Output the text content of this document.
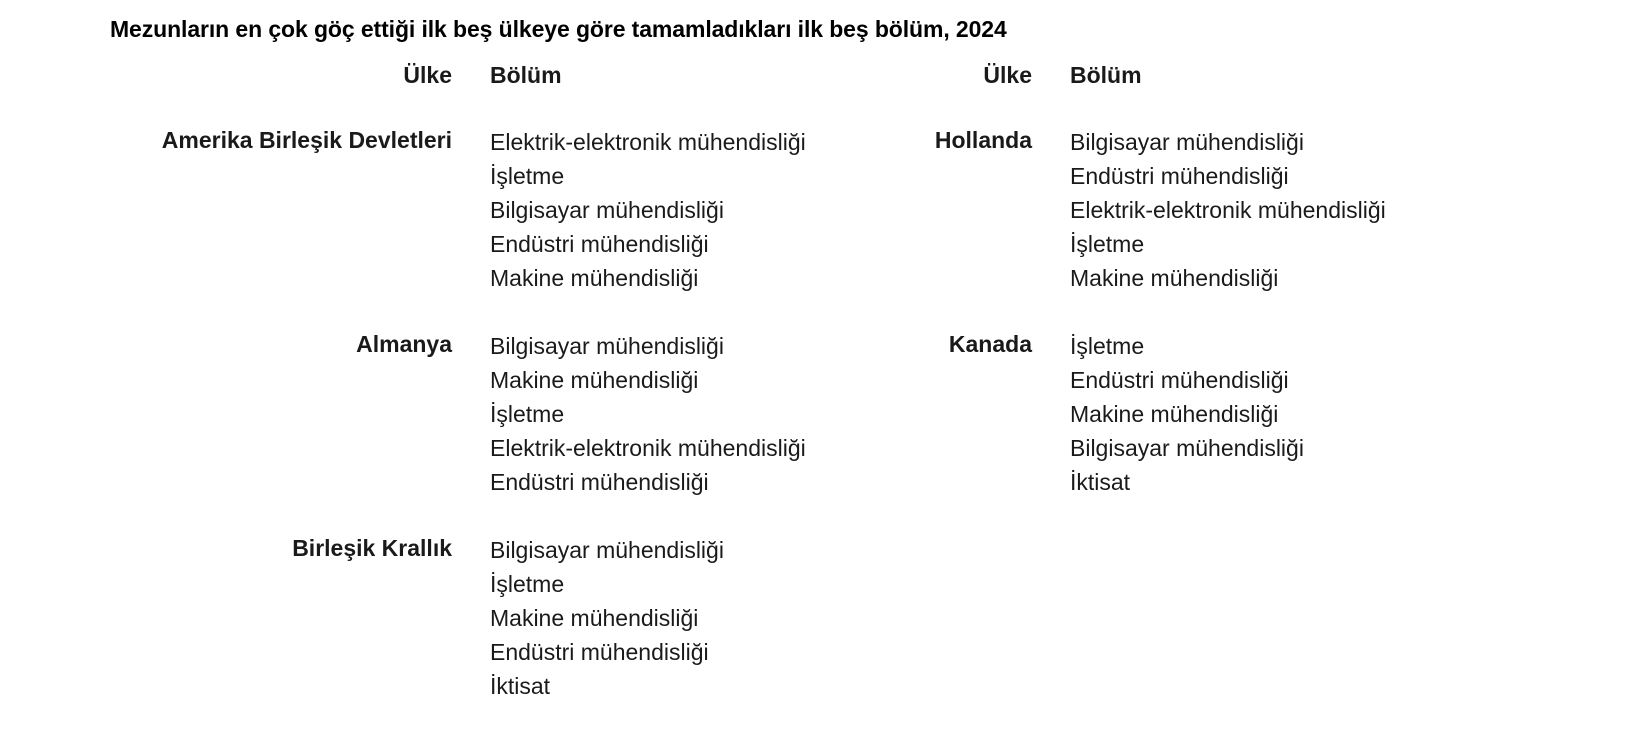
Mezunların en çok göç ettiği ilk beş ülkeye göre tamamladıkları ilk beş bölüm, 2024
Ülke Bölüm	Ülke Bölüm
Amerika Birleşik Devletleri Elektrik-elektronik mühendisliği
İşletme
Bilgisayar mühendisliği
Endüstri mühendisliği
Makine mühendisliği
Almanya Bilgisayar mühendisliği
Makine mühendisliği
İşletme
Elektrik-elektronik mühendisliği
Endüstri mühendisliği
Birleşik Krallık Bilgisayar mühendisliği
İşletme
Makine mühendisliği
Endüstri mühendisliği
İktisat
Hollanda Bilgisayar mühendisliği
Endüstri mühendisliği
Elektrik-elektronik mühendisliği
İşletme
Makine mühendisliği
Kanada İşletme
Endüstri mühendisliği
Makine mühendisliği
Bilgisayar mühendisliği
İktisat
